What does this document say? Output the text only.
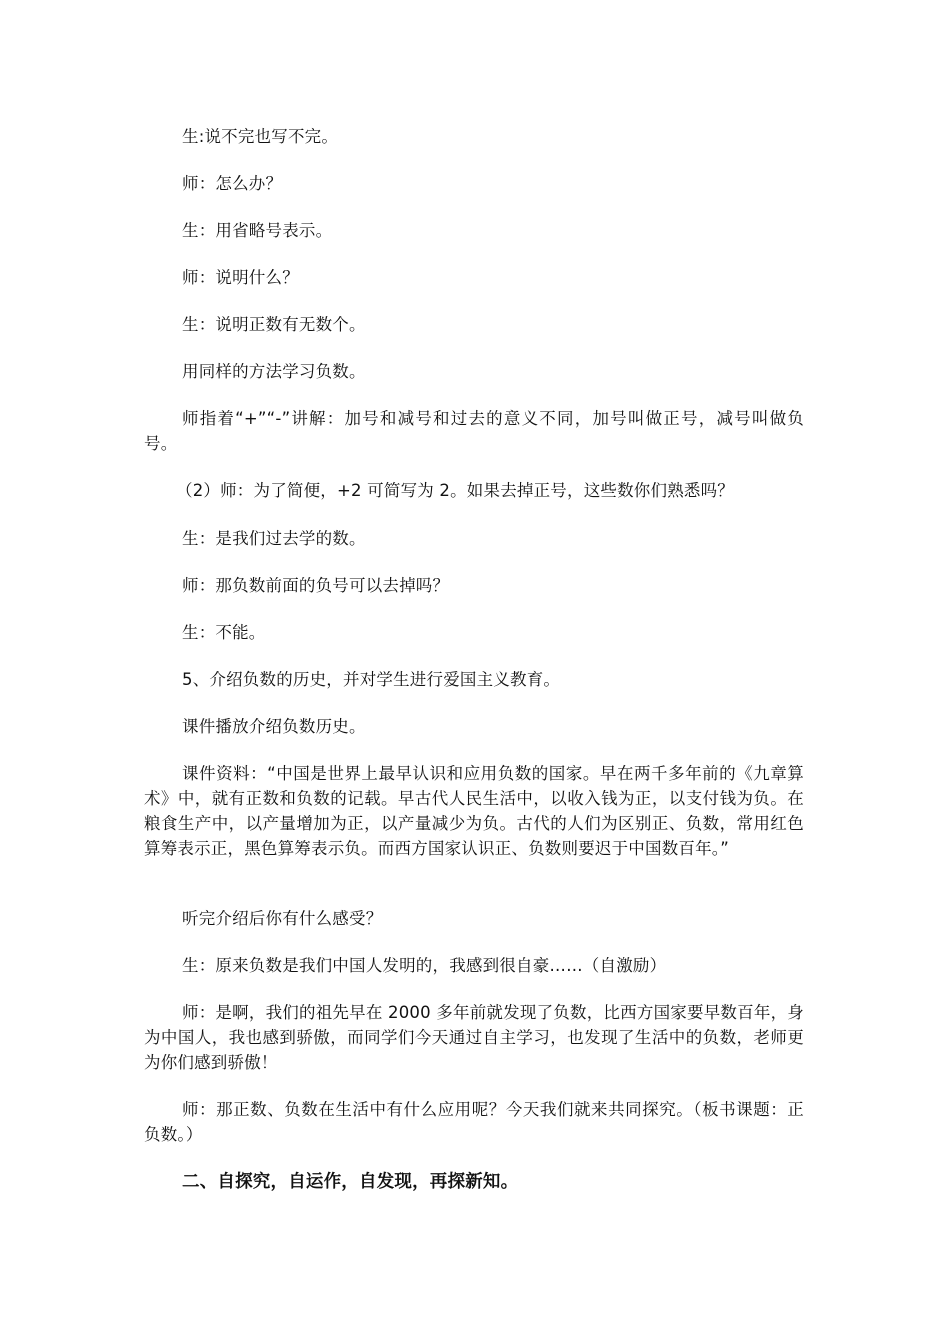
生:说不完也写不完。

师：怎么办？

生：用省略号表示。

师：说明什么？

生：说明正数有无数个。

用同样的方法学习负数。

师指着“+”“-”讲解：加号和减号和过去的意义不同，加号叫做正号，减号叫做负号。

（2）师：为了简便，+2 可简写为 2。如果去掉正号，这些数你们熟悉吗？

生：是我们过去学的数。

师：那负数前面的负号可以去掉吗？

生：不能。

5、介绍负数的历史，并对学生进行爱国主义教育。

课件播放介绍负数历史。

课件资料：“中国是世界上最早认识和应用负数的国家。早在两千多年前的《九章算术》中，就有正数和负数的记载。早古代人民生活中，以收入钱为正，以支付钱为负。在粮食生产中，以产量增加为正，以产量减少为负。古代的人们为区别正、负数，常用红色算筹表示正，黑色算筹表示负。而西方国家认识正、负数则要迟于中国数百年。”

听完介绍后你有什么感受？

生：原来负数是我们中国人发明的，我感到很自豪……（自激励）

师：是啊，我们的祖先早在 2000 多年前就发现了负数，比西方国家要早数百年，身为中国人，我也感到骄傲，而同学们今天通过自主学习，也发现了生活中的负数，老师更为你们感到骄傲！

师：那正数、负数在生活中有什么应用呢？今天我们就来共同探究。（板书课题：正负数。）

二、自探究，自运作，自发现，再探新知。
